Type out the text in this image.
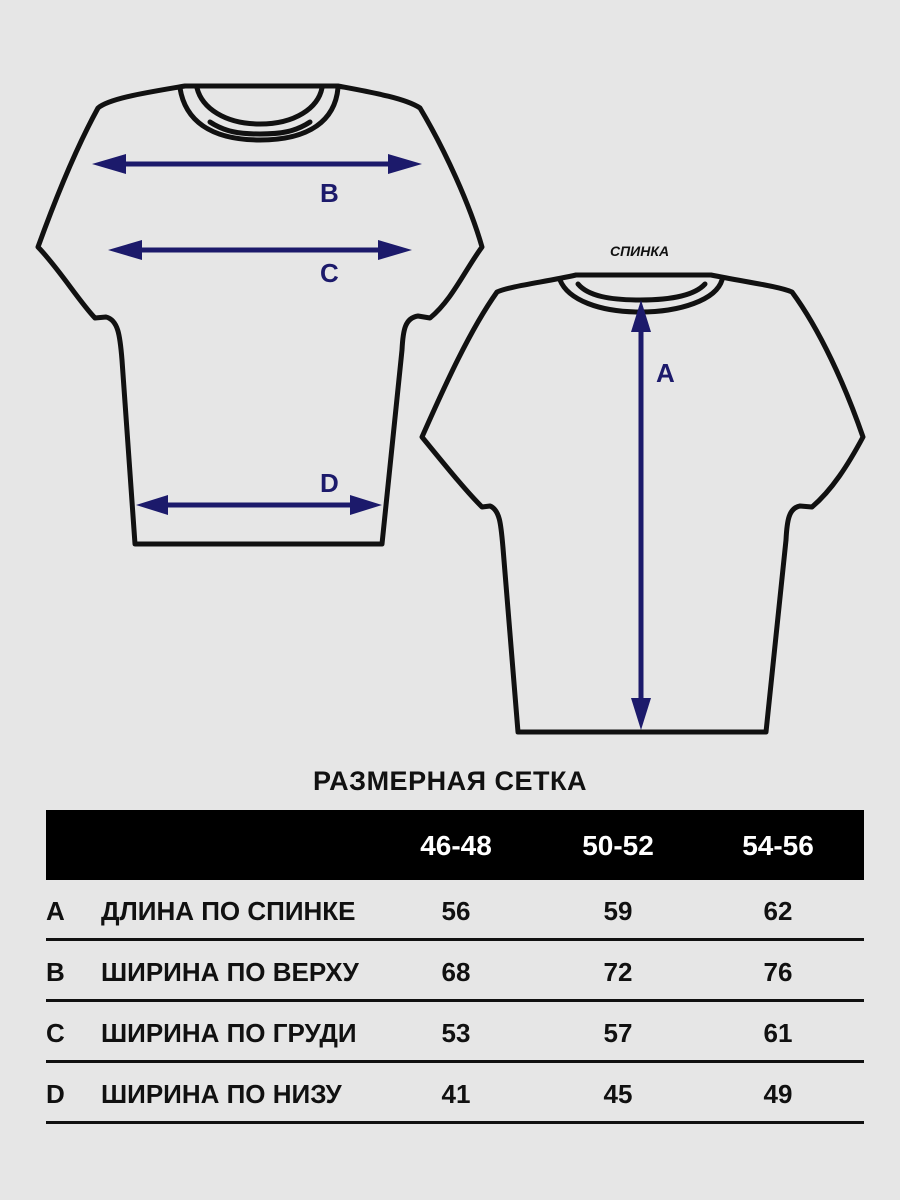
B
C
D
СПИНКА
A
РАЗМЕРНАЯ СЕТКА
46-48	50-52	54-56
A ДЛИНА ПО СПИНКЕ	56	59	62
B ШИРИНА ПО ВЕРХУ	68	72	76
C ШИРИНА ПО ГРУДИ	53	57	61
D ШИРИНА ПО НИЗУ	41	45	49
